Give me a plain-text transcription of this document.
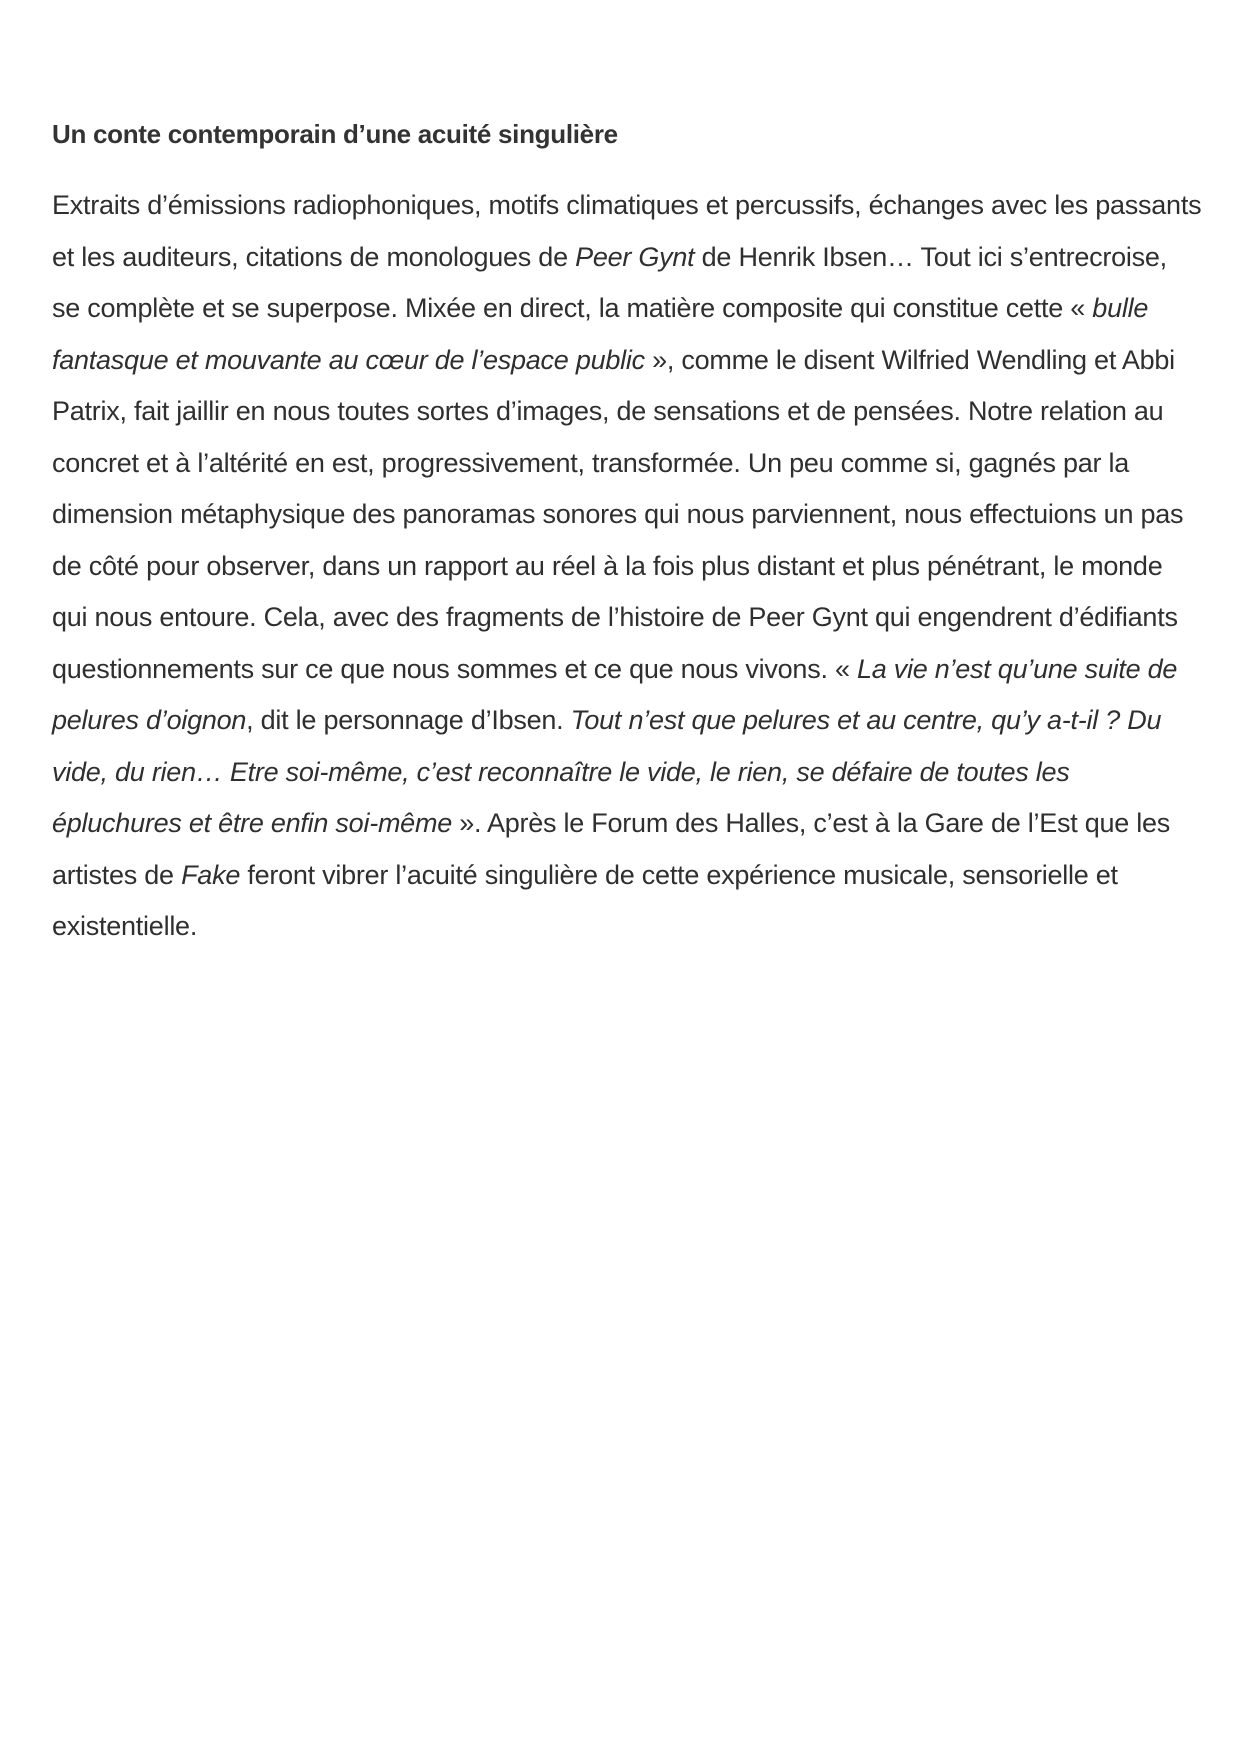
Un conte contemporain d’une acuité singulière

Extraits d’émissions radiophoniques, motifs climatiques et percussifs, échanges avec les passants et les auditeurs, citations de monologues de Peer Gynt de Henrik Ibsen… Tout ici s’entrecroise, se complète et se superpose. Mixée en direct, la matière composite qui constitue cette « bulle fantasque et mouvante au cœur de l’espace public », comme le disent Wilfried Wendling et Abbi Patrix, fait jaillir en nous toutes sortes d’images, de sensations et de pensées. Notre relation au concret et à l’altérité en est, progressivement, transformée. Un peu comme si, gagnés par la dimension métaphysique des panoramas sonores qui nous parviennent, nous effectuions un pas de côté pour observer, dans un rapport au réel à la fois plus distant et plus pénétrant, le monde qui nous entoure. Cela, avec des fragments de l’histoire de Peer Gynt qui engendrent d’édifiants questionnements sur ce que nous sommes et ce que nous vivons. « La vie n’est qu’une suite de pelures d’oignon, dit le personnage d’Ibsen. Tout n’est que pelures et au centre, qu’y a-t-il ? Du vide, du rien… Etre soi-même, c’est reconnaître le vide, le rien, se défaire de toutes les épluchures et être enfin soi-même ». Après le Forum des Halles, c’est à la Gare de l’Est que les artistes de Fake feront vibrer l’acuité singulière de cette expérience musicale, sensorielle et existentielle.
